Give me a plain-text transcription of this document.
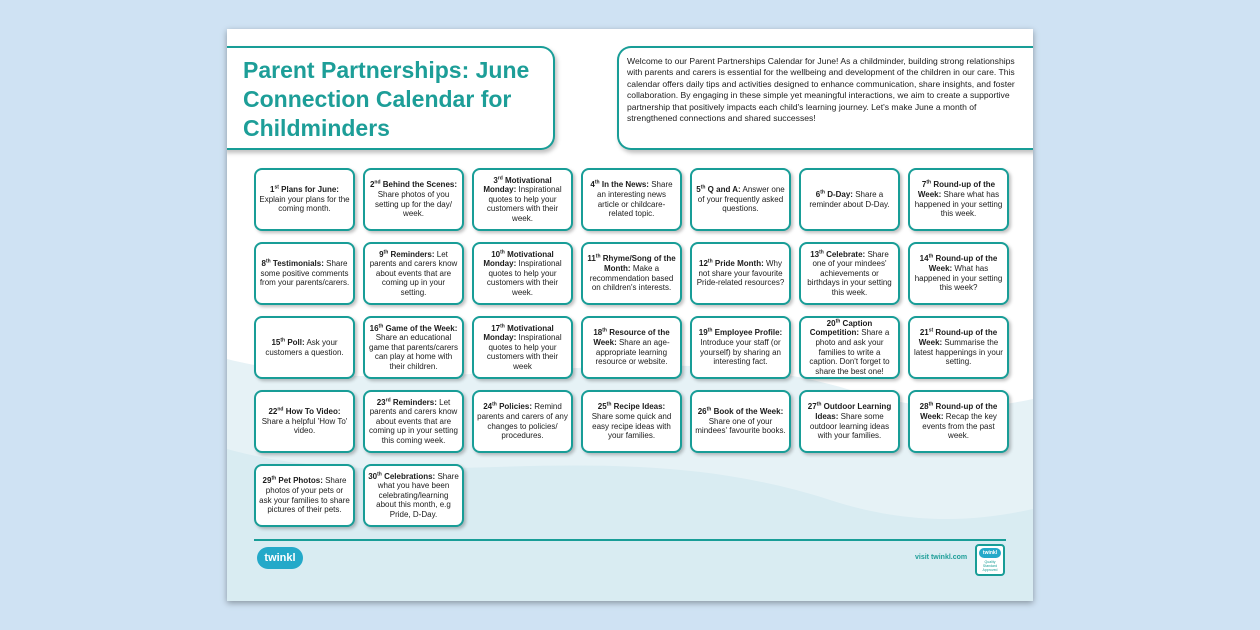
Parent Partnerships: June Connection Calendar for Childminders

Welcome to our Parent Partnerships Calendar for June! As a childminder, building strong relationships with parents and carers is essential for the wellbeing and development of the children in our care. This calendar offers daily tips and activities designed to enhance communication, share insights, and foster collaboration. By engaging in these simple yet meaningful interactions, we aim to create a supportive partnership that positively impacts each child's learning journey. Let's make June a month of strengthened connections and shared successes!

1st Plans for June: Explain your plans for the coming month.
2nd Behind the Scenes: Share photos of you setting up for the day/ week.
3rd Motivational Monday: Inspirational quotes to help your customers with their week.
4th In the News: Share an interesting news article or childcare-related topic.
5th Q and A: Answer one of your frequently asked questions.
6th D-Day: Share a reminder about D-Day.
7th Round-up of the Week: Share what has happened in your setting this week.
8th Testimonials: Share some positive comments from your parents/carers.
9th Reminders: Let parents and carers know about events that are coming up in your setting.
10th Motivational Monday: Inspirational quotes to help your customers with their week.
11th Rhyme/Song of the Month: Make a recommendation based on children's interests.
12th Pride Month: Why not share your favourite Pride-related resources?
13th Celebrate: Share one of your mindees' achievements or birthdays in your setting this week.
14th Round-up of the Week: What has happened in your setting this week?
15th Poll: Ask your customers a question.
16th Game of the Week: Share an educational game that parents/carers can play at home with their children.
17th Motivational Monday: Inspirational quotes to help your customers with their week
18th Resource of the Week: Share an age-appropriate learning resource or website.
19th Employee Profile: Introduce your staff (or yourself) by sharing an interesting fact.
20th Caption Competition: Share a photo and ask your families to write a caption. Don't forget to share the best one!
21st Round-up of the Week: Summarise the latest happenings in your setting.
22nd How To Video: Share a helpful 'How To' video.
23rd Reminders: Let parents and carers know about events that are coming up in your setting this coming week.
24th Policies: Remind parents and carers of any changes to policies/ procedures.
25th Recipe Ideas: Share some quick and easy recipe ideas with your families.
26th Book of the Week: Share one of your mindees' favourite books.
27th Outdoor Learning Ideas: Share some outdoor learning ideas with your families.
28th Round-up of the Week: Recap the key events from the past week.
29th Pet Photos: Share photos of your pets or ask your families to share pictures of their pets.
30th Celebrations: Share what you have been celebrating/learning about this month, e.g Pride, D-Day.
twinkl	visit twinkl.com
twinkl
Quality Standard Approved
